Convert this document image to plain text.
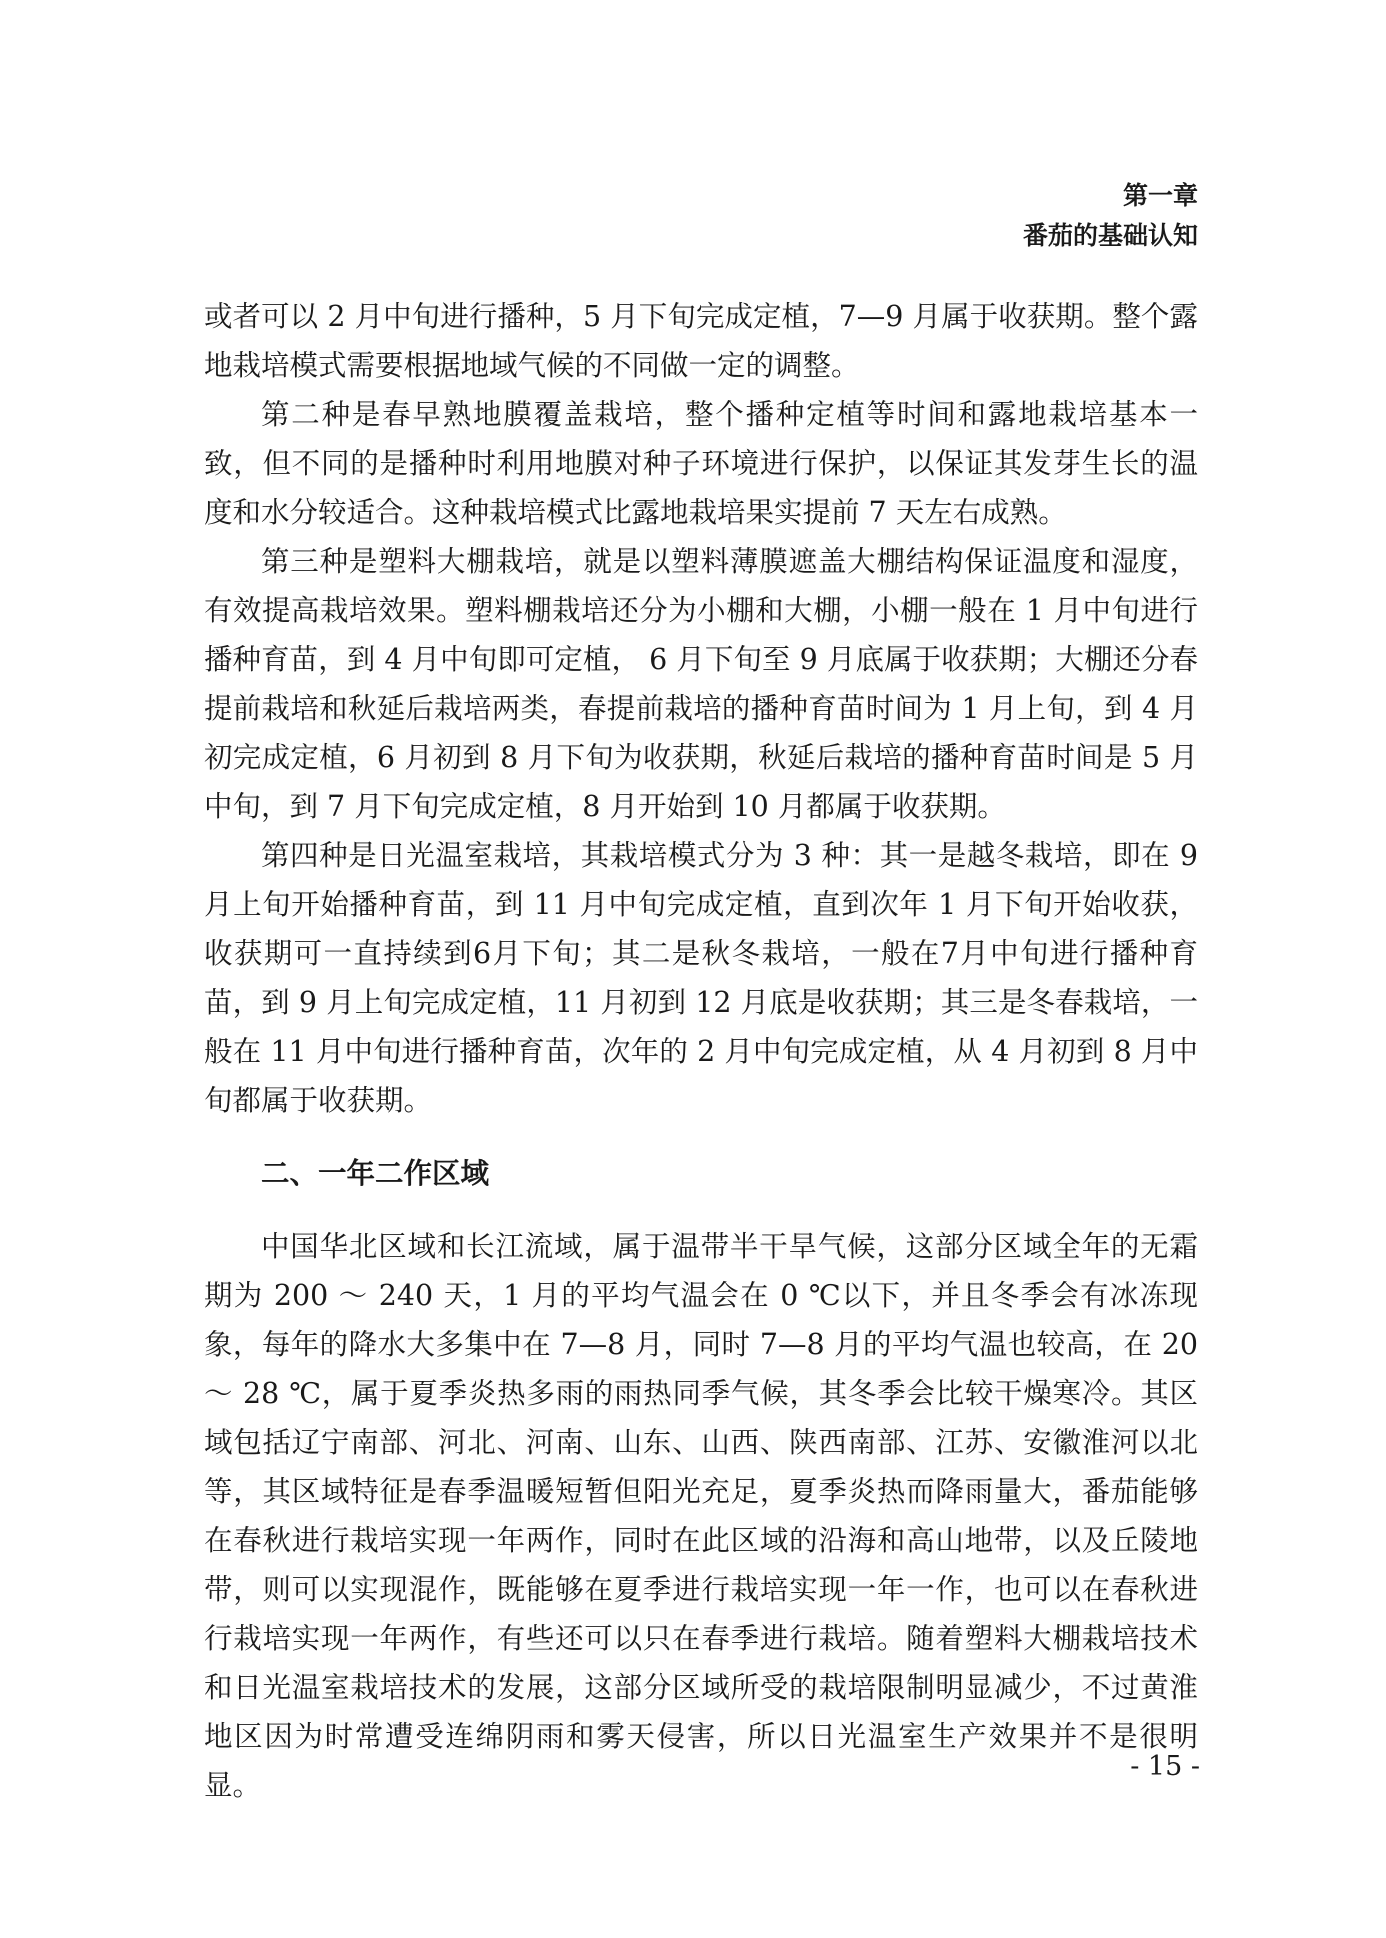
第一章
番茄的基础认知

或者可以 2 月中旬进行播种，5 月下旬完成定植，7—9 月属于收获期。整个露地栽培模式需要根据地域气候的不同做一定的调整。

第二种是春早熟地膜覆盖栽培，整个播种定植等时间和露地栽培基本一致，但不同的是播种时利用地膜对种子环境进行保护，以保证其发芽生长的温度和水分较适合。这种栽培模式比露地栽培果实提前 7 天左右成熟。

第三种是塑料大棚栽培，就是以塑料薄膜遮盖大棚结构保证温度和湿度，有效提高栽培效果。塑料棚栽培还分为小棚和大棚，小棚一般在 1 月中旬进行播种育苗，到 4 月中旬即可定植， 6 月下旬至 9 月底属于收获期；大棚还分春提前栽培和秋延后栽培两类，春提前栽培的播种育苗时间为 1 月上旬，到 4 月初完成定植，6 月初到 8 月下旬为收获期，秋延后栽培的播种育苗时间是 5 月中旬，到 7 月下旬完成定植，8 月开始到 10 月都属于收获期。

第四种是日光温室栽培，其栽培模式分为 3 种：其一是越冬栽培，即在 9 月上旬开始播种育苗，到 11 月中旬完成定植，直到次年 1 月下旬开始收获，收获期可一直持续到6月下旬；其二是秋冬栽培，一般在7月中旬进行播种育苗，到 9 月上旬完成定植，11 月初到 12 月底是收获期；其三是冬春栽培，一般在 11 月中旬进行播种育苗，次年的 2 月中旬完成定植，从 4 月初到 8 月中旬都属于收获期。

二、一年二作区域

中国华北区域和长江流域，属于温带半干旱气候，这部分区域全年的无霜期为 200 ～ 240 天，1 月的平均气温会在 0 ℃以下，并且冬季会有冰冻现象，每年的降水大多集中在 7—8 月，同时 7—8 月的平均气温也较高，在 20 ～ 28 ℃，属于夏季炎热多雨的雨热同季气候，其冬季会比较干燥寒冷。其区域包括辽宁南部、河北、河南、山东、山西、陕西南部、江苏、安徽淮河以北等，其区域特征是春季温暖短暂但阳光充足，夏季炎热而降雨量大，番茄能够在春秋进行栽培实现一年两作，同时在此区域的沿海和高山地带，以及丘陵地带，则可以实现混作，既能够在夏季进行栽培实现一年一作，也可以在春秋进行栽培实现一年两作，有些还可以只在春季进行栽培。随着塑料大棚栽培技术和日光温室栽培技术的发展，这部分区域所受的栽培限制明显减少，不过黄淮地区因为时常遭受连绵阴雨和雾天侵害，所以日光温室生产效果并不是很明显。

- 15 -
